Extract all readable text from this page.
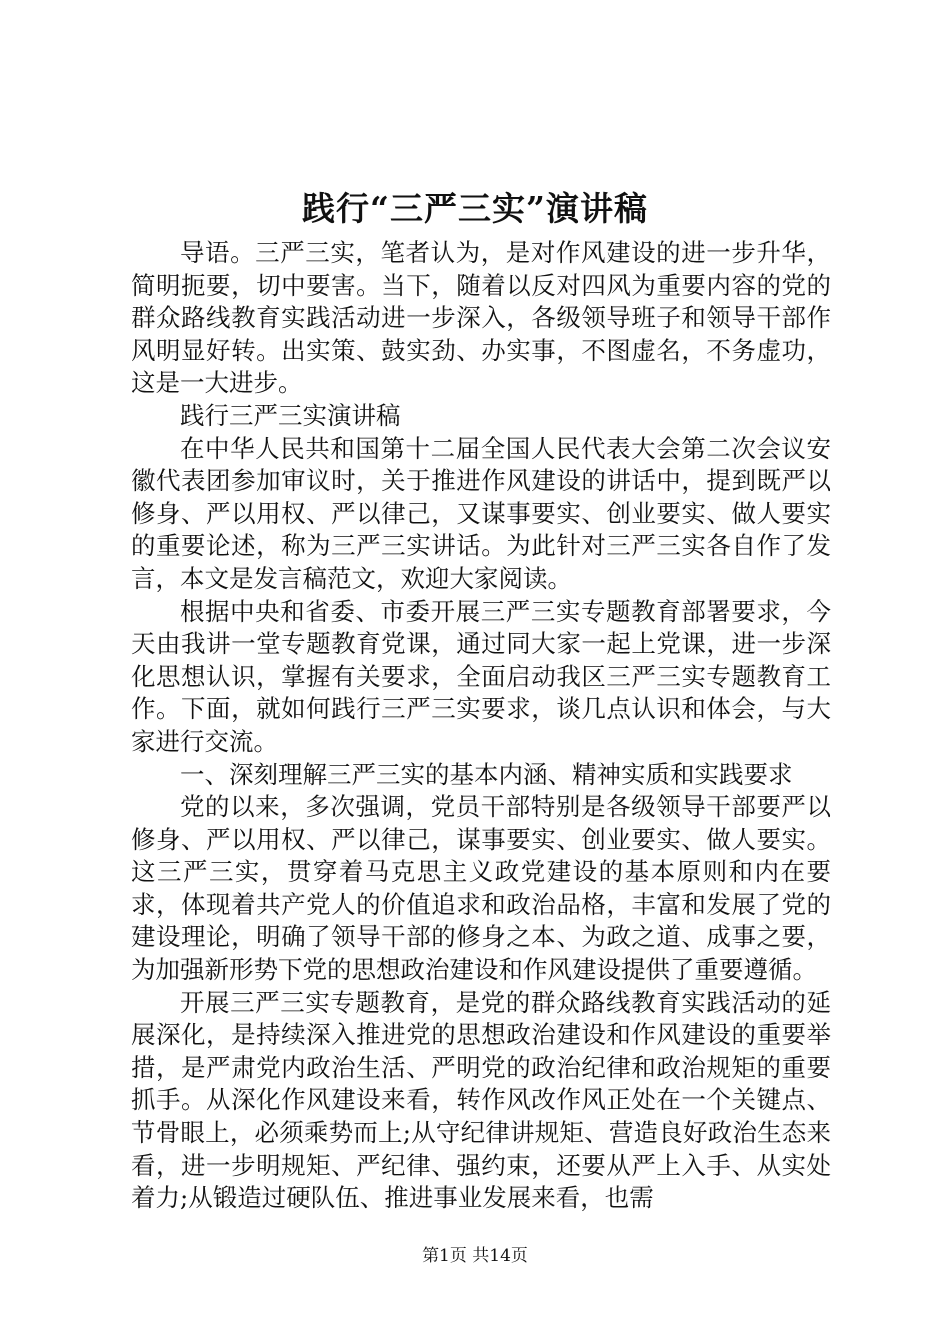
践行“三严三实”演讲稿

导语。三严三实，笔者认为，是对作风建设的进一步升华，简明扼要，切中要害。当下，随着以反对四风为重要内容的党的群众路线教育实践活动进一步深入，各级领导班子和领导干部作风明显好转。出实策、鼓实劲、办实事，不图虚名，不务虚功，这是一大进步。

践行三严三实演讲稿

在中华人民共和国第十二届全国人民代表大会第二次会议安徽代表团参加审议时，关于推进作风建设的讲话中，提到既严以修身、严以用权、严以律己，又谋事要实、创业要实、做人要实的重要论述，称为三严三实讲话。为此针对三严三实各自作了发言，本文是发言稿范文，欢迎大家阅读。

根据中央和省委、市委开展三严三实专题教育部署要求，今天由我讲一堂专题教育党课，通过同大家一起上党课，进一步深化思想认识，掌握有关要求，全面启动我区三严三实专题教育工作。下面，就如何践行三严三实要求，谈几点认识和体会，与大家进行交流。

一、深刻理解三严三实的基本内涵、精神实质和实践要求

党的以来，多次强调，党员干部特别是各级领导干部要严以修身、严以用权、严以律己，谋事要实、创业要实、做人要实。这三严三实，贯穿着马克思主义政党建设的基本原则和内在要求，体现着共产党人的价值追求和政治品格，丰富和发展了党的建设理论，明确了领导干部的修身之本、为政之道、成事之要，为加强新形势下党的思想政治建设和作风建设提供了重要遵循。

开展三严三实专题教育，是党的群众路线教育实践活动的延展深化，是持续深入推进党的思想政治建设和作风建设的重要举措，是严肃党内政治生活、严明党的政治纪律和政治规矩的重要抓手。从深化作风建设来看，转作风改作风正处在一个关键点、节骨眼上，必须乘势而上;从守纪律讲规矩、营造良好政治生态来看，进一步明规矩、严纪律、强约束，还要从严上入手、从实处着力;从锻造过硬队伍、推进事业发展来看，也需

第1页 共14页
